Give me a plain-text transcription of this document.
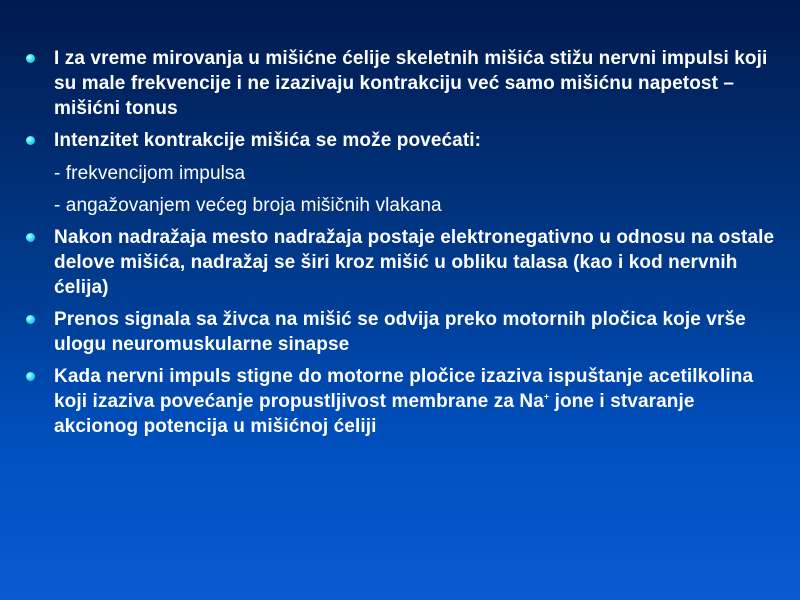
I za vreme mirovanja u mišićne ćelije skeletnih mišića stižu nervni impulsi koji su male frekvencije i ne izazivaju kontrakciju već samo mišićnu napetost – mišićni tonus
Intenzitet kontrakcije mišića se može povećati:
- frekvencijom impulsa
- angažovanjem većeg broja mišičnih vlakana
Nakon nadražaja mesto nadražaja postaje elektronegativno u odnosu na ostale delove mišića, nadražaj se širi kroz mišić u obliku talasa (kao i kod nervnih ćelija)
Prenos signala sa živca na mišić se odvija preko motornih pločica koje vrše ulogu neuromuskularne sinapse
Kada nervni impuls stigne do motorne pločice izaziva ispuštanje acetilkolina koji izaziva povećanje propustljivost membrane za Na+ jone i stvaranje akcionog potencija u mišićnoj ćeliji
